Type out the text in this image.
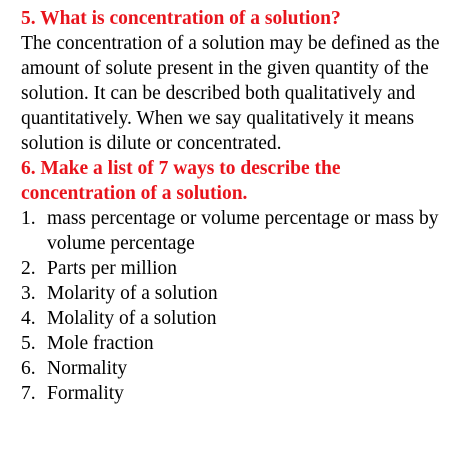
5. What is concentration of a solution?

The concentration of a solution may be defined as the amount of solute present in the given quantity of the solution. It can be described both qualitatively and quantitatively. When we say qualitatively it means solution is dilute or concentrated.

6. Make a list of 7 ways to describe the concentration of a solution.

1. mass percentage or volume percentage or mass by volume percentage
2. Parts per million
3. Molarity of a solution
4. Molality of a solution
5. Mole fraction
6. Normality
7. Formality
